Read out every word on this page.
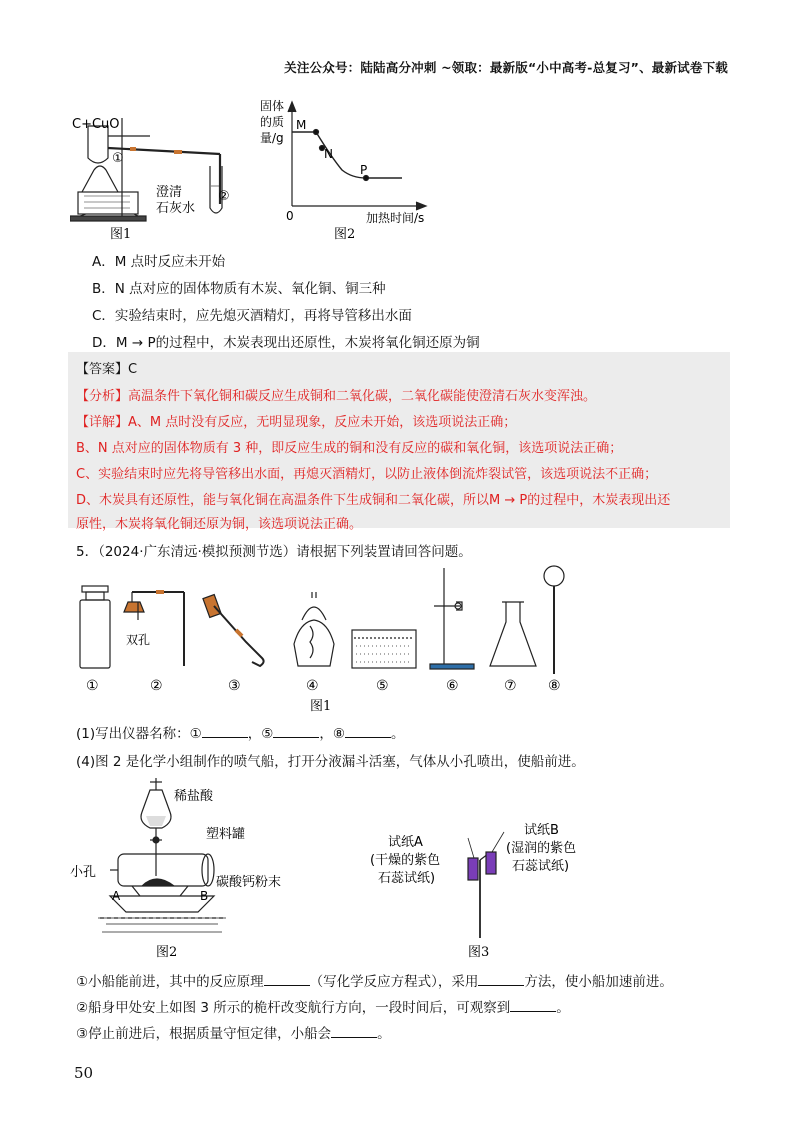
关注公众号：陆陆高分冲刺 ~领取：最新版“小中高考-总复习”、最新试卷下载
C+CuO
①
澄清
石灰水
②
图1
固体
的质
量/g
M
N
P
0	加热时间/s
图2
A．M 点时反应未开始
B．N 点对应的固体物质有木炭、氧化铜、铜三种
C．实验结束时，应先熄灭酒精灯，再将导管移出水面
D．M → P的过程中，木炭表现出还原性，木炭将氧化铜还原为铜
【答案】C
【分析】高温条件下氧化铜和碳反应生成铜和二氧化碳，二氧化碳能使澄清石灰水变浑浊。
【详解】A、M 点时没有反应，无明显现象，反应未开始，该选项说法正确；
B、N 点对应的固体物质有 3 种，即反应生成的铜和没有反应的碳和氧化铜，该选项说法正确；
C、实验结束时应先将导管移出水面，再熄灭酒精灯，以防止液体倒流炸裂试管，该选项说法不正确；
D、木炭具有还原性，能与氧化铜在高温条件下生成铜和二氧化碳，所以M → P的过程中，木炭表现出还
原性，木炭将氧化铜还原为铜，该选项说法正确。
5．（2024·广东清远·模拟预测节选）请根据下列装置请回答问题。
双孔
①	②	③	④	⑤	⑥	⑦ ⑧
图1
(1)写出仪器名称：①	，⑤	，⑧	。
(4)图 2 是化学小组制作的喷气船，打开分液漏斗活塞，气体从小孔喷出，使船前进。
稀盐酸
塑料罐
小孔
碳酸钙粉末
A	B
图2
试纸A
(干燥的紫色
石蕊试纸)
试纸B
(湿润的紫色
石蕊试纸)
图3
①小船能前进，其中的反应原理	（写化学反应方程式），采用	方法，使小船加速前进。
②船身甲处安上如图 3 所示的桅杆改变航行方向，一段时间后，可观察到	。
③停止前进后，根据质量守恒定律，小船会	。
50
